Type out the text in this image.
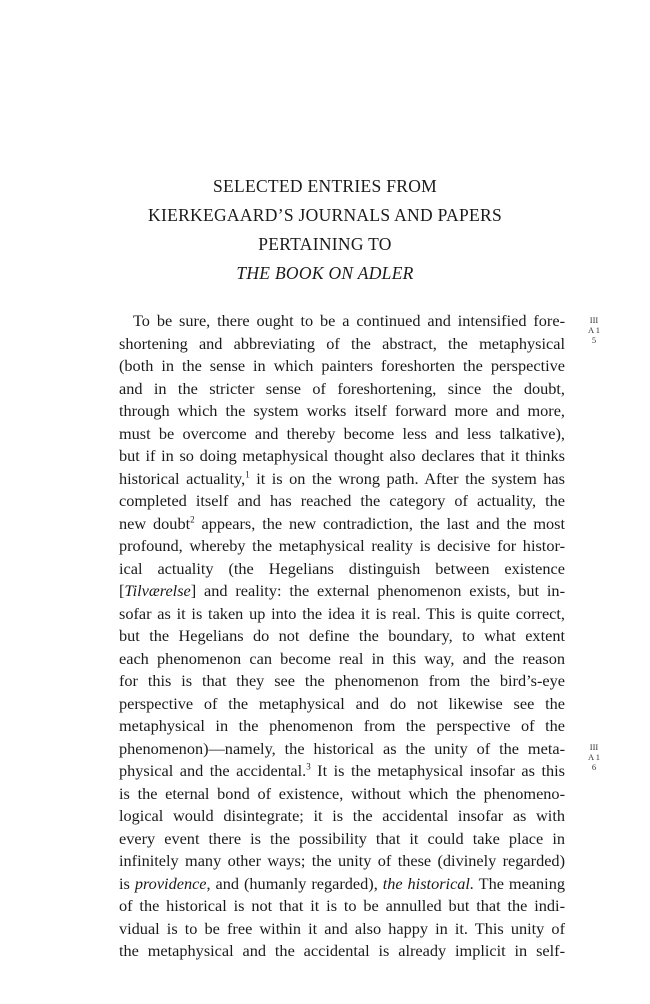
SELECTED ENTRIES FROM
KIERKEGAARD’S JOURNALS AND PAPERS
PERTAINING TO
THE BOOK ON ADLER
To be sure, there ought to be a continued and intensified fore-
shortening and abbreviating of the abstract, the metaphysical
(both in the sense in which painters foreshorten the perspective
and in the stricter sense of foreshortening, since the doubt,
through which the system works itself forward more and more,
must be overcome and thereby become less and less talkative),
but if in so doing metaphysical thought also declares that it thinks
historical actuality,$^1$ it is on the wrong path. After the system has
completed itself and has reached the category of actuality, the
new doubt$^2$ appears, the new contradiction, the last and the most
profound, whereby the metaphysical reality is decisive for histor-
ical actuality (the Hegelians distinguish between existence
[Tilværelse] and reality: the external phenomenon exists, but in-
sofar as it is taken up into the idea it is real. This is quite correct,
but the Hegelians do not define the boundary, to what extent
each phenomenon can become real in this way, and the reason
for this is that they see the phenomenon from the bird’s-eye
perspective of the metaphysical and do not likewise see the
metaphysical in the phenomenon from the perspective of the
phenomenon)—namely, the historical as the unity of the meta-
physical and the accidental.$^3$ It is the metaphysical insofar as this
is the eternal bond of existence, without which the phenomeno-
logical would disintegrate; it is the accidental insofar as with
every event there is the possibility that it could take place in
infinitely many other ways; the unity of these (divinely regarded)
is providence, and (humanly regarded), the historical. The meaning
of the historical is not that it is to be annulled but that the indi-
vidual is to be free within it and also happy in it. This unity of
the metaphysical and the accidental is already implicit in self-
III
A 1
5
III
A 1
6
